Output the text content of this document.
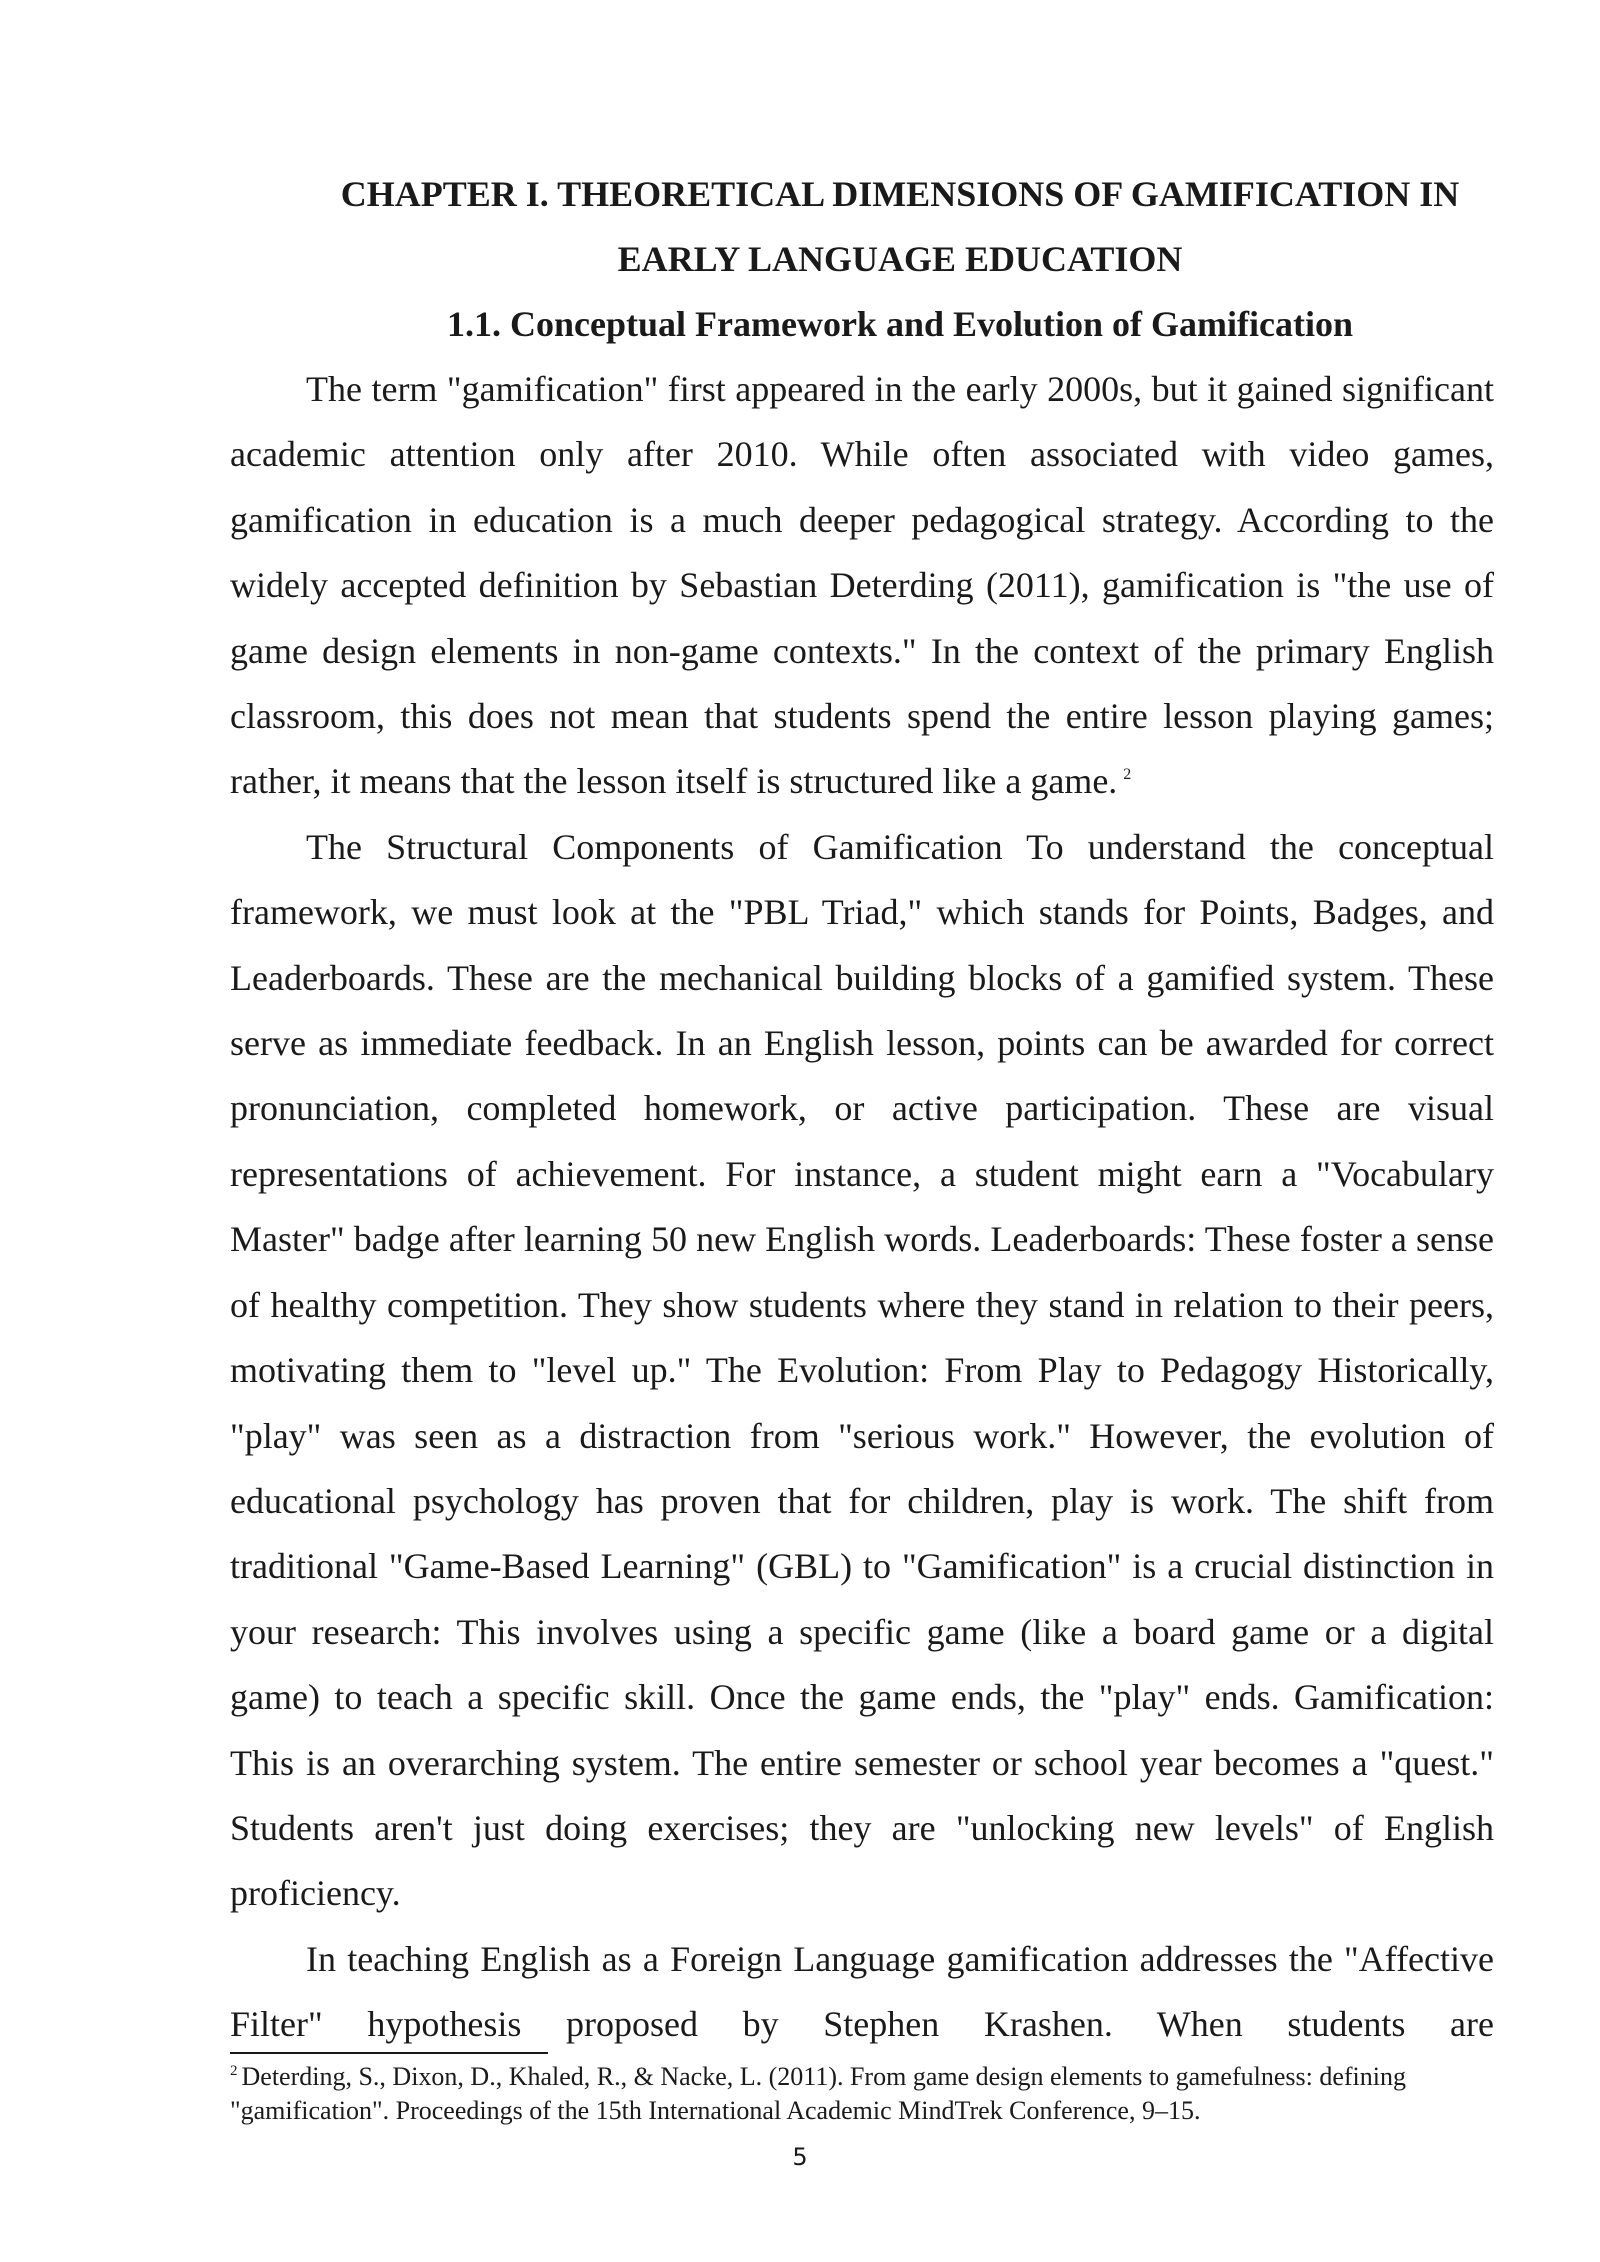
CHAPTER I. THEORETICAL DIMENSIONS OF GAMIFICATION IN
EARLY LANGUAGE EDUCATION
1.1. Conceptual Framework and Evolution of Gamification

The term "gamification" first appeared in the early 2000s, but it gained significant academic attention only after 2010. While often associated with video games, gamification in education is a much deeper pedagogical strategy. According to the widely accepted definition by Sebastian Deterding (2011), gamification is "the use of game design elements in non-game contexts." In the context of the primary English classroom, this does not mean that students spend the entire lesson playing games; rather, it means that the lesson itself is structured like a game. $^2$

The Structural Components of Gamification To understand the conceptual framework, we must look at the "PBL Triad," which stands for Points, Badges, and Leaderboards. These are the mechanical building blocks of a gamified system. These serve as immediate feedback. In an English lesson, points can be awarded for correct pronunciation, completed homework, or active participation. These are visual representations of achievement. For instance, a student might earn a "Vocabulary Master" badge after learning 50 new English words. Leaderboards: These foster a sense of healthy competition. They show students where they stand in relation to their peers, motivating them to "level up." The Evolution: From Play to Pedagogy Historically, "play" was seen as a distraction from "serious work." However, the evolution of educational psychology has proven that for children, play is work. The shift from traditional "Game-Based Learning" (GBL) to "Gamification" is a crucial distinction in your research: This involves using a specific game (like a board game or a digital game) to teach a specific skill. Once the game ends, the "play" ends. Gamification: This is an overarching system. The entire semester or school year becomes a "quest." Students aren't just doing exercises; they are "unlocking new levels" of English proficiency.

In teaching English as a Foreign Language gamification addresses the "Affective Filter" hypothesis proposed by Stephen Krashen. When students are

$^2$ Deterding, S., Dixon, D., Khaled, R., & Nacke, L. (2011). From game design elements to gamefulness: defining "gamification". Proceedings of the 15th International Academic MindTrek Conference, 9–15.

5
